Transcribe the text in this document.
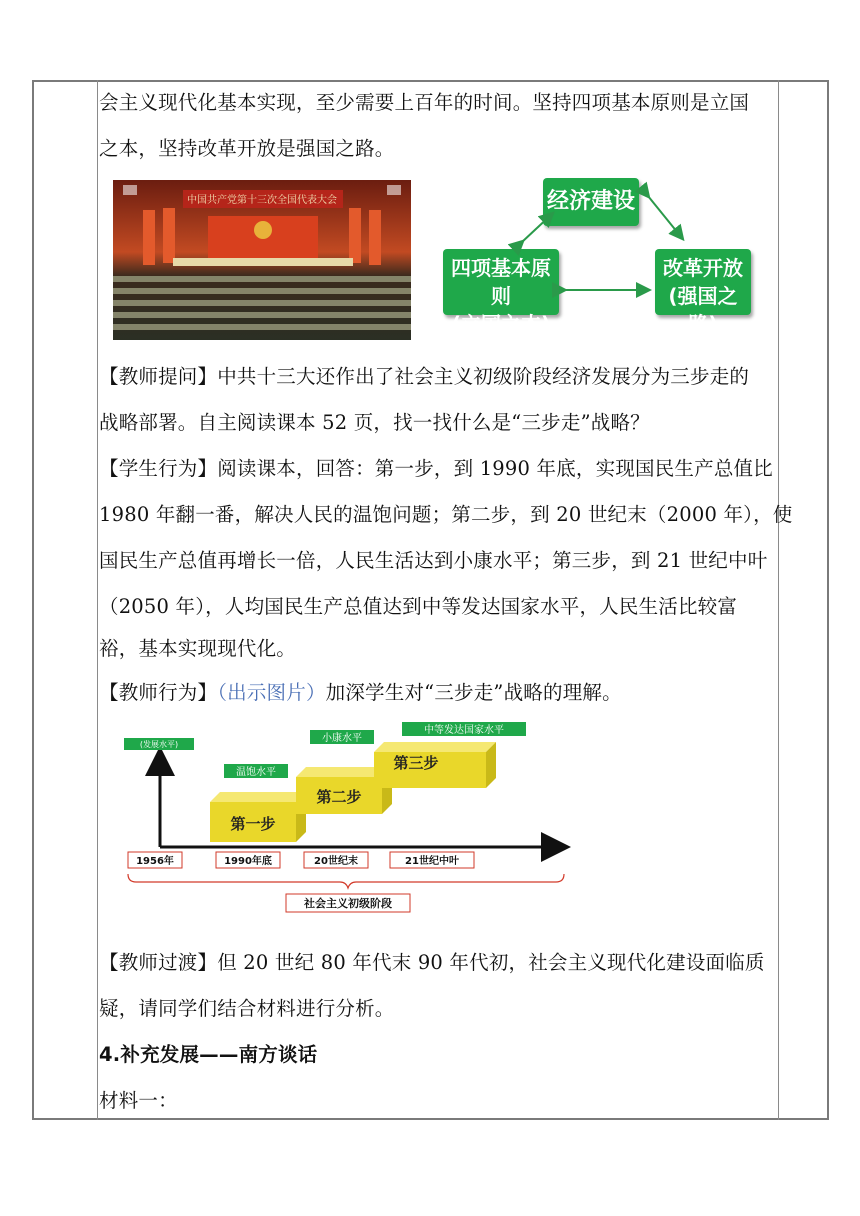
会主义现代化基本实现，至少需要上百年的时间。坚持四项基本原则是立国
之本，坚持改革开放是强国之路。
中国共产党第十三次全国代表大会	经济建设
四项基本原则
(立国之本)
改革开放
(强国之路)
【教师提问】中共十三大还作出了社会主义初级阶段经济发展分为三步走的
战略部署。自主阅读课本 52 页，找一找什么是“三步走”战略？
【学生行为】阅读课本，回答：第一步，到 1990 年底，实现国民生产总值比
1980 年翻一番，解决人民的温饱问题；第二步，到 20 世纪末（2000 年），使
国民生产总值再增长一倍，人民生活达到小康水平；第三步，到 21 世纪中叶
（2050 年），人均国民生产总值达到中等发达国家水平，人民生活比较富
裕，基本实现现代化。
【教师行为】（出示图片）加深学生对“三步走”战略的理解。
(发展水平)
第一步
第二步
第三步
温饱水平
小康水平
中等发达国家水平
1956年	1990年底	20世纪末	21世纪中叶
社会主义初级阶段
【教师过渡】但 20 世纪 80 年代末 90 年代初，社会主义现代化建设面临质
疑，请同学们结合材料进行分析。
4.补充发展——南方谈话
材料一：
